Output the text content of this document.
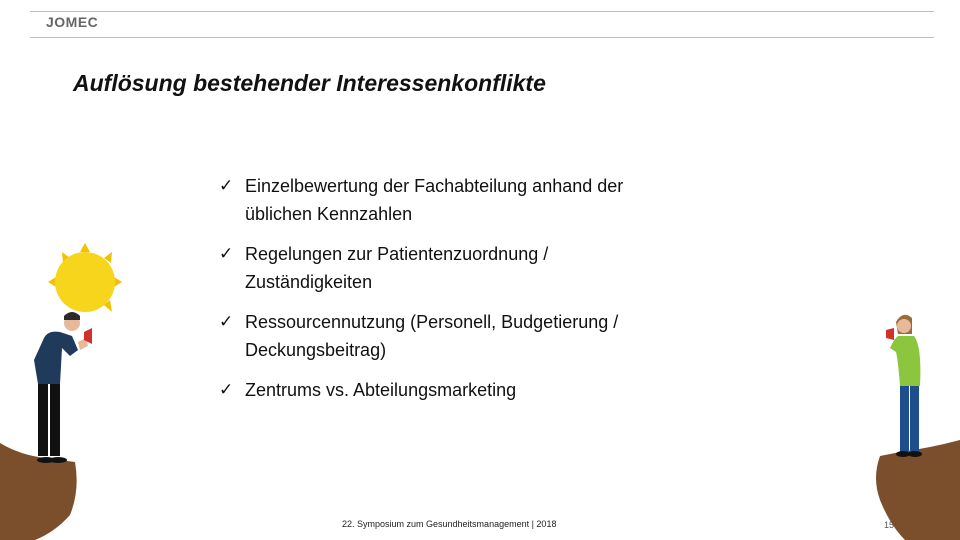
JOMEC
Auflösung bestehender Interessenkonflikte
✓ Einzelbewertung der Fachabteilung anhand der
üblichen Kennzahlen
✓ Regelungen zur Patientenzuordnung /
Zuständigkeiten
✓ Ressourcennutzung (Personell, Budgetierung /
Deckungsbeitrag)
✓ Zentrums vs. Abteilungsmarketing
22. Symposium zum Gesundheitsmanagement | 2018	15
